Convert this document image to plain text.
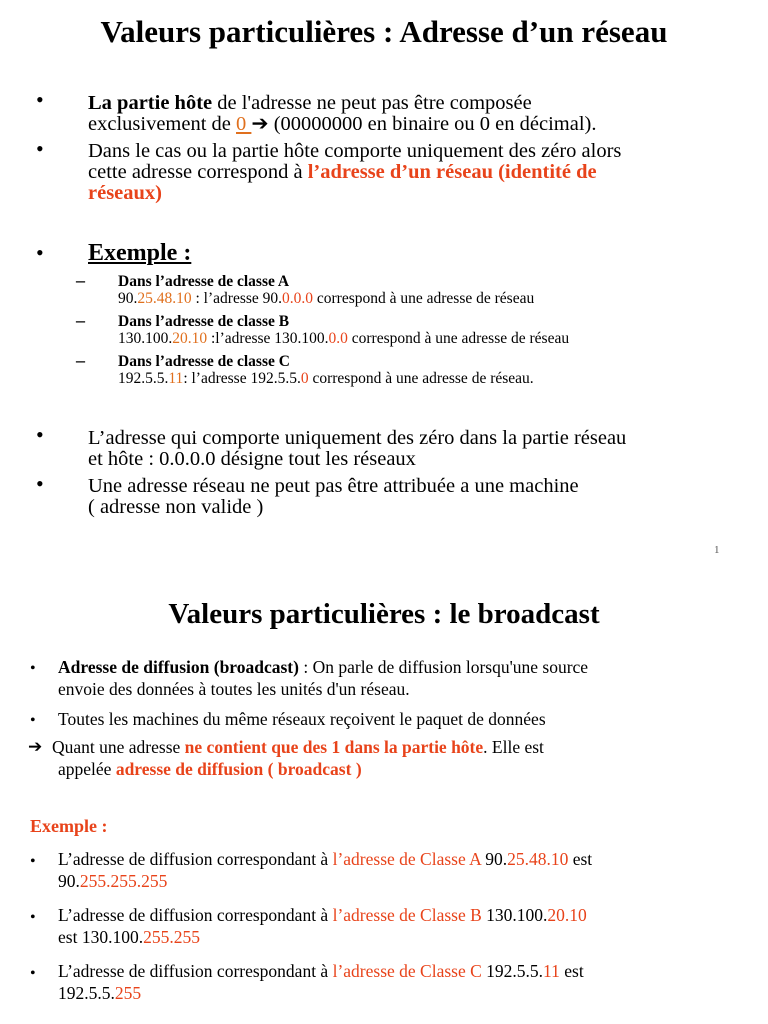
Valeurs particulières : Adresse d’un réseau
• La partie hôte de l'adresse ne peut pas être composée
exclusivement de 0 ➔ (00000000 en binaire ou 0 en décimal).
• Dans le cas ou la partie hôte comporte uniquement des zéro alors
cette adresse correspond à l’adresse d’un réseau (identité de
réseaux)
• Exemple :
– Dans l’adresse de classe A
90.25.48.10 : l’adresse 90.0.0.0 correspond à une adresse de réseau
– Dans l’adresse de classe B
130.100.20.10 :l’adresse 130.100.0.0 correspond à une adresse de réseau
– Dans l’adresse de classe C
192.5.5.11: l’adresse 192.5.5.0 correspond à une adresse de réseau.
• L’adresse qui comporte uniquement des zéro dans la partie réseau
et hôte : 0.0.0.0 désigne tout les réseaux
• Une adresse réseau ne peut pas être attribuée a une machine
( adresse non valide )
1
Valeurs particulières : le broadcast
• Adresse de diffusion (broadcast) : On parle de diffusion lorsqu'une source
envoie des données à toutes les unités d'un réseau.
• Toutes les machines du même réseaux reçoivent le paquet de données
➔ Quant une adresse ne contient que des 1 dans la partie hôte. Elle est
appelée adresse de diffusion ( broadcast )
Exemple :
• L’adresse de diffusion correspondant à l’adresse de Classe A 90.25.48.10 est
90.255.255.255
• L’adresse de diffusion correspondant à l’adresse de Classe B 130.100.20.10
est 130.100.255.255
• L’adresse de diffusion correspondant à l’adresse de Classe C 192.5.5.11 est
192.5.5.255
